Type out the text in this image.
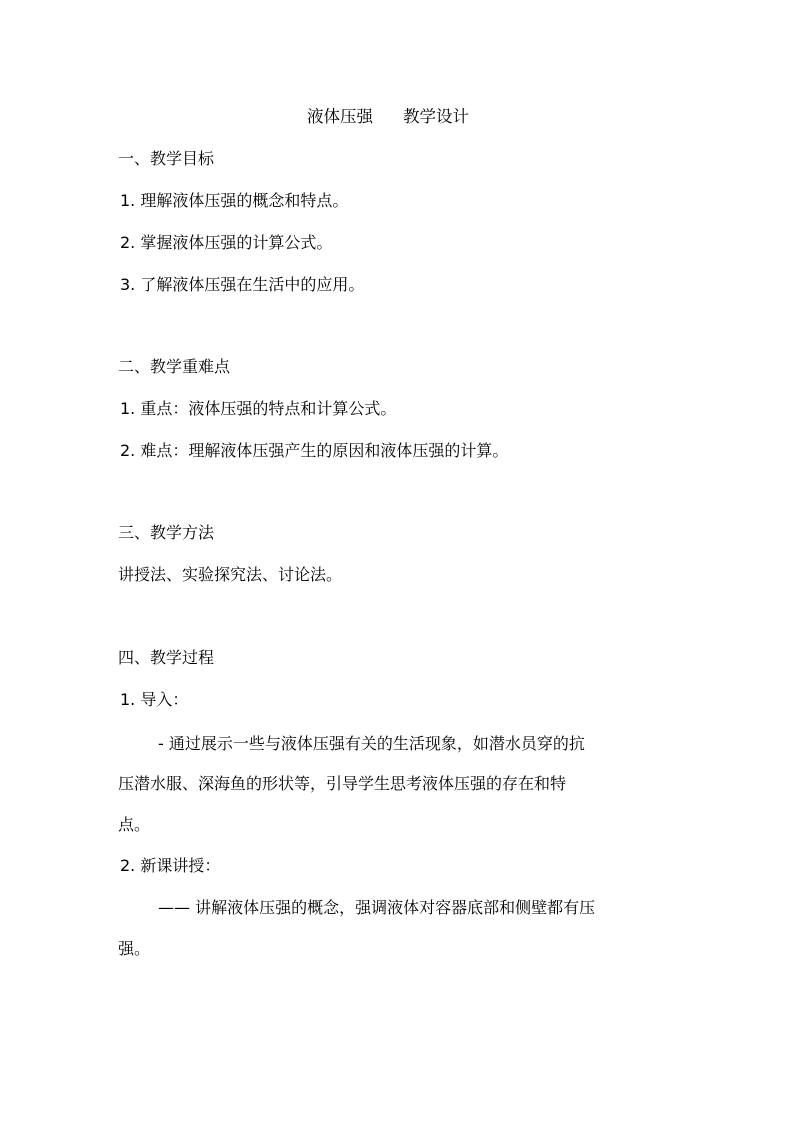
液体压强 教学设计
一、教学目标
1. 理解液体压强的概念和特点。
2. 掌握液体压强的计算公式。
3. 了解液体压强在生活中的应用。
二、教学重难点
1. 重点：液体压强的特点和计算公式。
2. 难点：理解液体压强产生的原因和液体压强的计算。
三、教学方法
讲授法、实验探究法、讨论法。
四、教学过程
1. 导入：
- 通过展示一些与液体压强有关的生活现象，如潜水员穿的抗
压潜水服、深海鱼的形状等，引导学生思考液体压强的存在和特
点。
2. 新课讲授：
—— 讲解液体压强的概念，强调液体对容器底部和侧壁都有压
强。
